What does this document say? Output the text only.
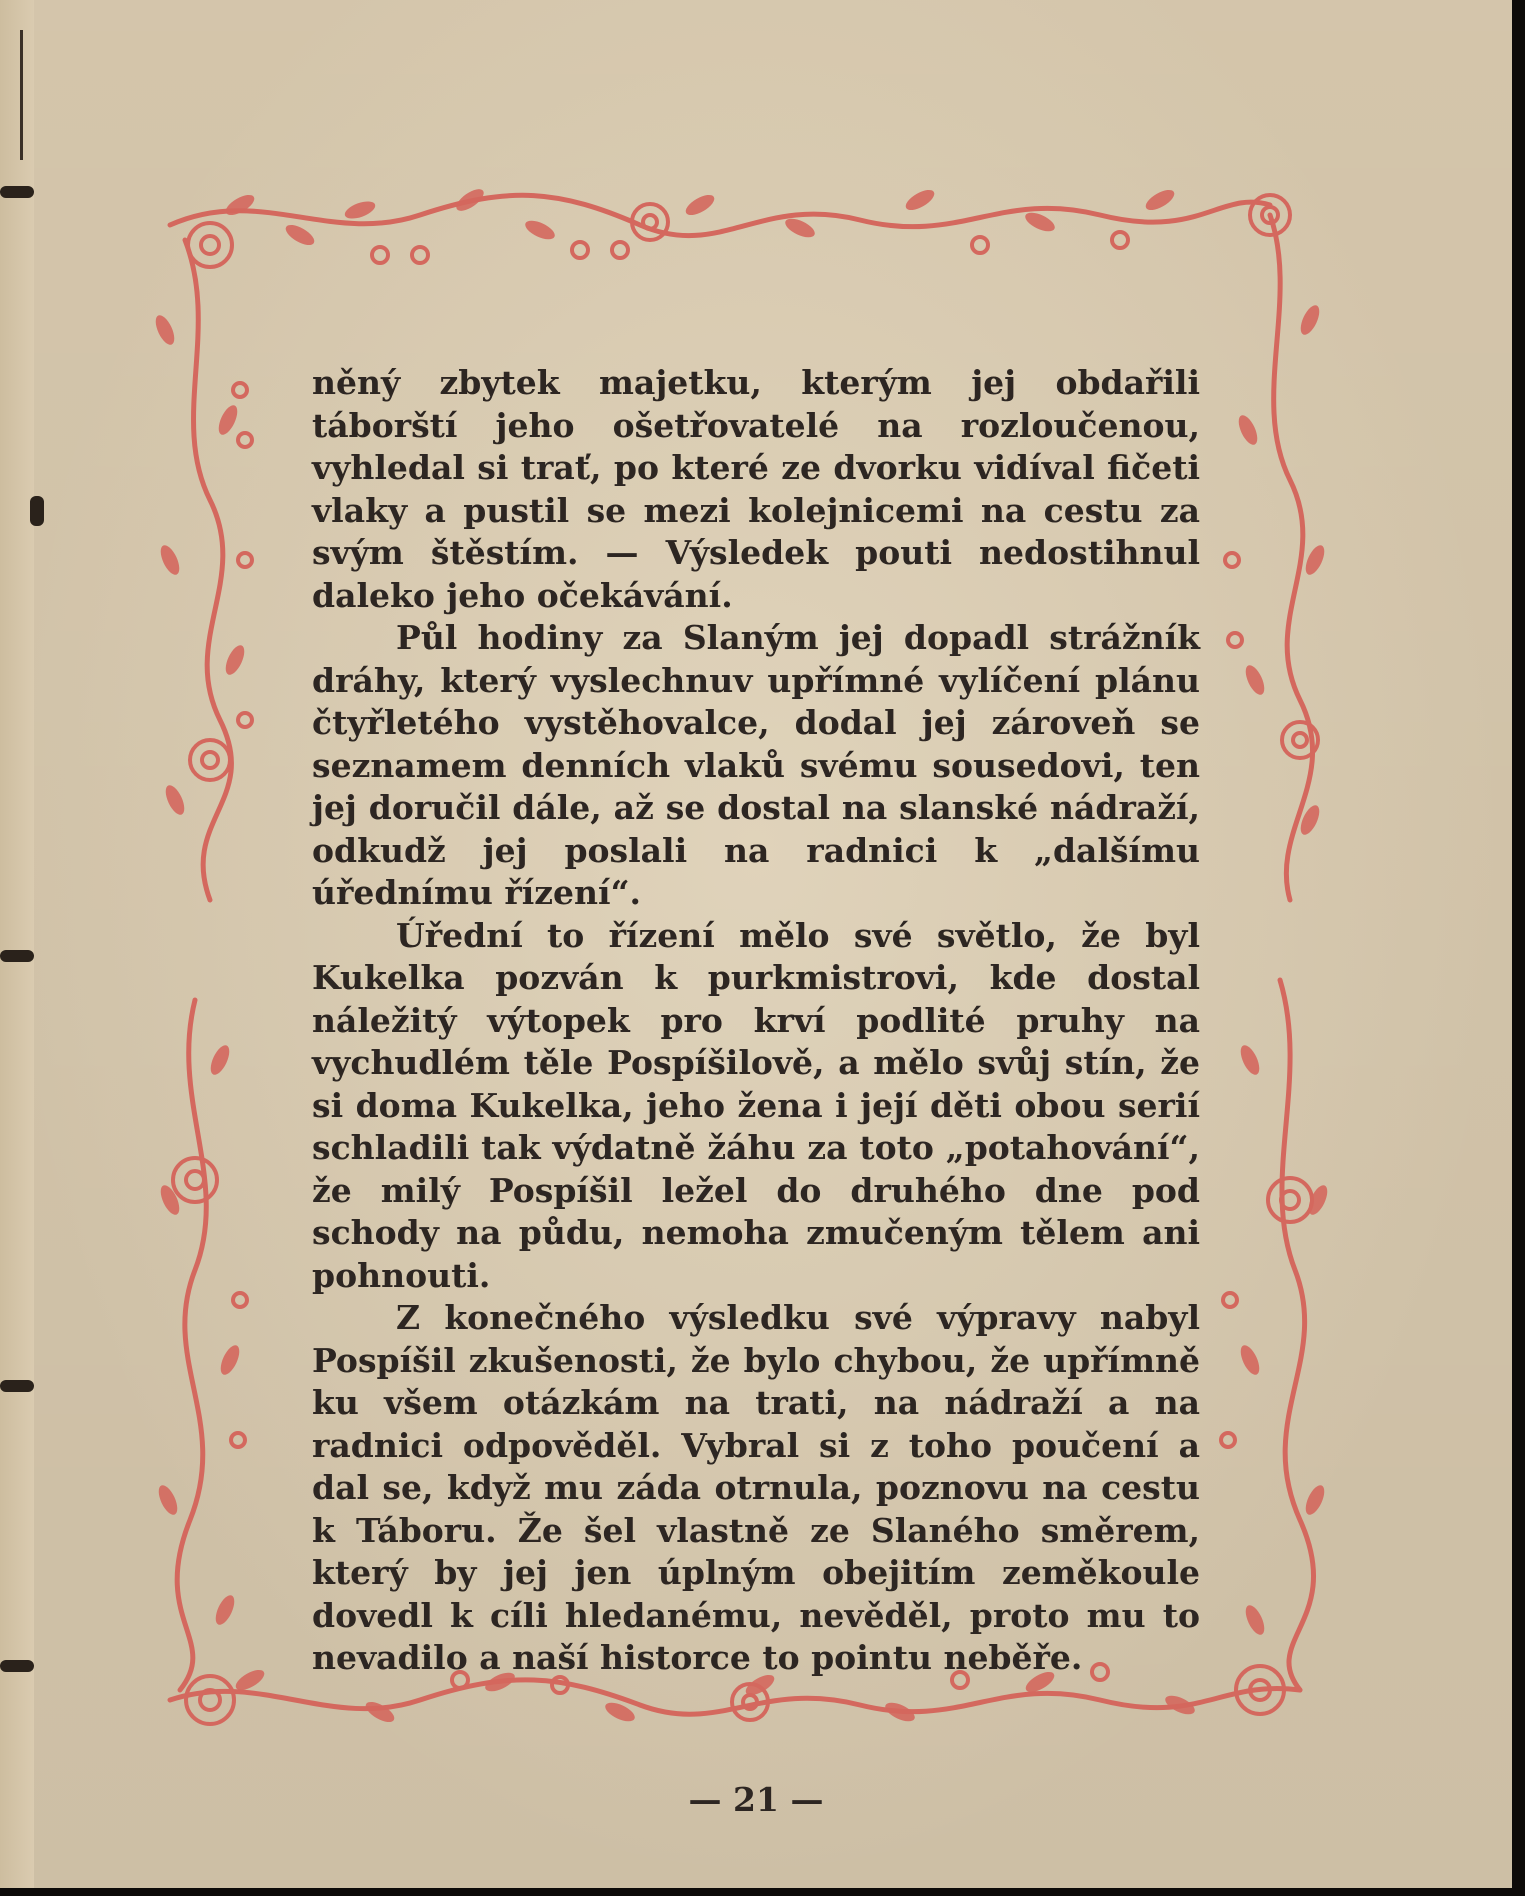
něný zbytek majetku, kterým jej obdařili táborští jeho ošetřovatelé na rozloučenou, vyhledal si trať, po které ze dvorku vidíval fičeti vlaky a pustil se mezi kolejnicemi na cestu za svým štěstím. — Výsledek pouti nedostihnul daleko jeho očekávání.

Půl hodiny za Slaným jej dopadl strážník dráhy, který vyslechnuv upřímné vylíčení plánu čtyřletého vystěhovalce, dodal jej zároveň se seznamem denních vlaků svému sousedovi, ten jej doručil dále, až se dostal na slanské nádraží, odkudž jej poslali na radnici k „dalšímu úřednímu řízení“.

Úřední to řízení mělo své světlo, že byl Kukelka pozván k purkmistrovi, kde dostal náležitý výtopek pro krví podlité pruhy na vychudlém těle Pospíšilově, a mělo svůj stín, že si doma Kukelka, jeho žena i její děti obou serií schladili tak výdatně žáhu za toto „potahování“, že milý Pospíšil ležel do druhého dne pod schody na půdu, nemoha zmučeným tělem ani pohnouti.

Z konečného výsledku své výpravy nabyl Pospíšil zkušenosti, že bylo chybou, že upřímně ku všem otázkám na trati, na nádraží a na radnici odpověděl. Vybral si z toho poučení a dal se, když mu záda otrnula, poznovu na cestu k Táboru. Že šel vlastně ze Slaného směrem, který by jej jen úplným obejitím zeměkoule dovedl k cíli hledanému, nevěděl, proto mu to nevadilo a naší historce to pointu neběře.

— 21 —
